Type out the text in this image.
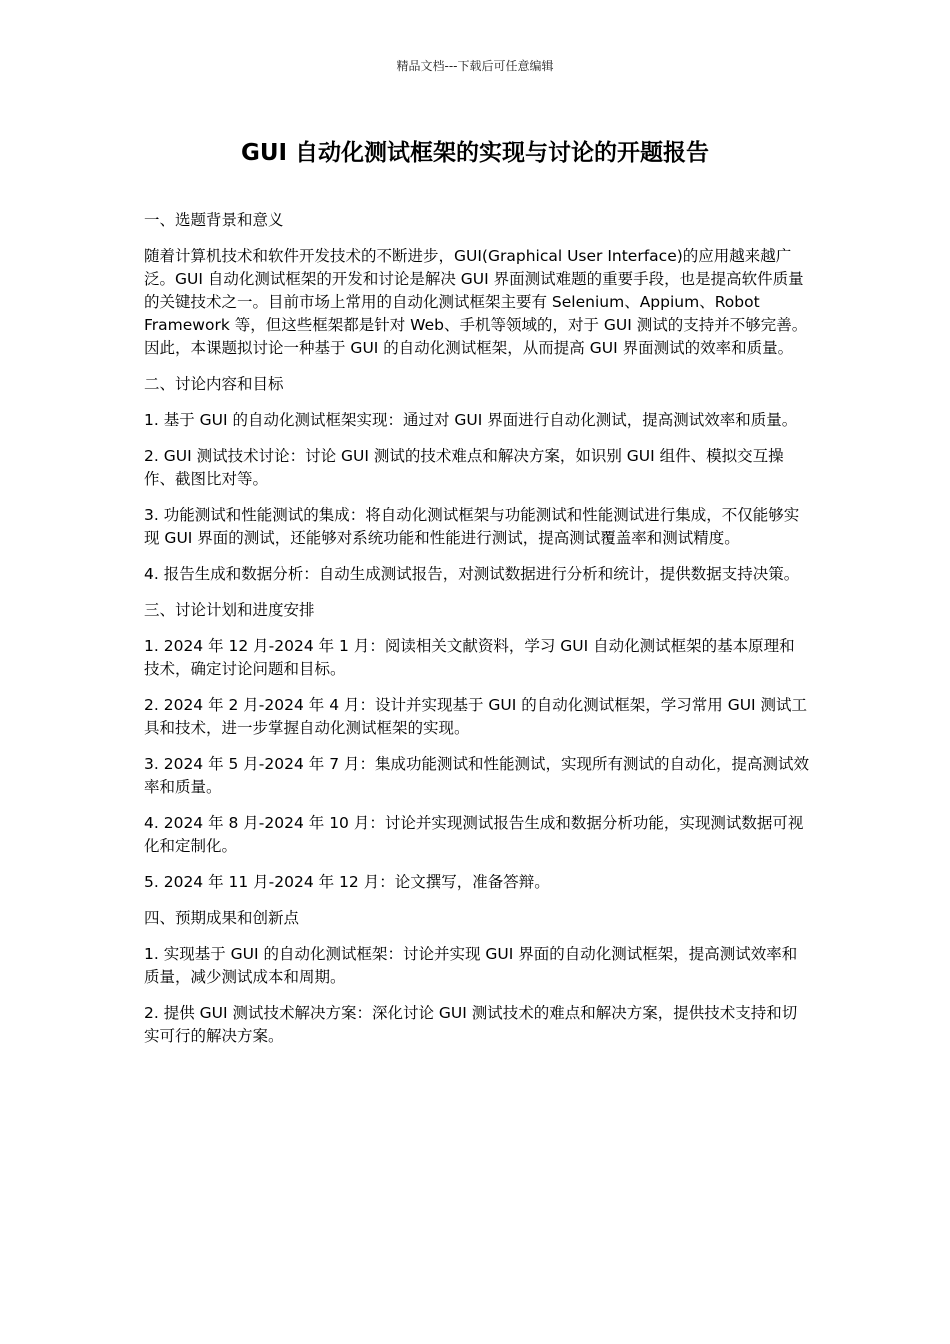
精品文档---下载后可任意编辑
GUI 自动化测试框架的实现与讨论的开题报告

一、选题背景和意义

随着计算机技术和软件开发技术的不断进步，GUI(Graphical User Interface)的应用越来越广泛。GUI 自动化测试框架的开发和讨论是解决 GUI 界面测试难题的重要手段，也是提高软件质量的关键技术之一。目前市场上常用的自动化测试框架主要有 Selenium、Appium、Robot Framework 等，但这些框架都是针对 Web、手机等领域的，对于 GUI 测试的支持并不够完善。因此，本课题拟讨论一种基于 GUI 的自动化测试框架，从而提高 GUI 界面测试的效率和质量。

二、讨论内容和目标

1. 基于 GUI 的自动化测试框架实现：通过对 GUI 界面进行自动化测试，提高测试效率和质量。

2. GUI 测试技术讨论：讨论 GUI 测试的技术难点和解决方案，如识别 GUI 组件、模拟交互操作、截图比对等。

3. 功能测试和性能测试的集成：将自动化测试框架与功能测试和性能测试进行集成，不仅能够实现 GUI 界面的测试，还能够对系统功能和性能进行测试，提高测试覆盖率和测试精度。

4. 报告生成和数据分析：自动生成测试报告，对测试数据进行分析和统计，提供数据支持决策。

三、讨论计划和进度安排

1. 2024 年 12 月-2024 年 1 月：阅读相关文献资料，学习 GUI 自动化测试框架的基本原理和技术，确定讨论问题和目标。

2. 2024 年 2 月-2024 年 4 月：设计并实现基于 GUI 的自动化测试框架，学习常用 GUI 测试工具和技术，进一步掌握自动化测试框架的实现。

3. 2024 年 5 月-2024 年 7 月：集成功能测试和性能测试，实现所有测试的自动化，提高测试效率和质量。

4. 2024 年 8 月-2024 年 10 月：讨论并实现测试报告生成和数据分析功能，实现测试数据可视化和定制化。

5. 2024 年 11 月-2024 年 12 月：论文撰写，准备答辩。

四、预期成果和创新点

1. 实现基于 GUI 的自动化测试框架：讨论并实现 GUI 界面的自动化测试框架，提高测试效率和质量，减少测试成本和周期。

2. 提供 GUI 测试技术解决方案：深化讨论 GUI 测试技术的难点和解决方案，提供技术支持和切实可行的解决方案。
